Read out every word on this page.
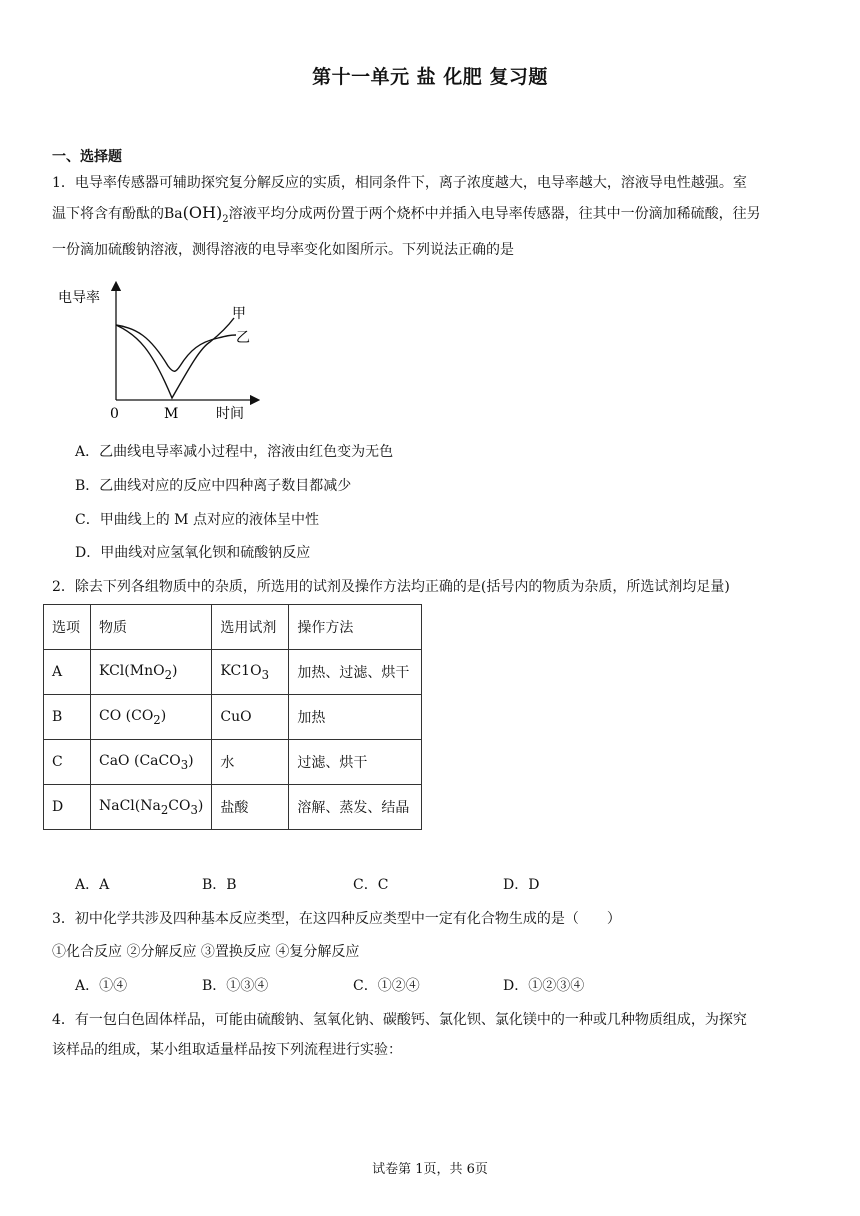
第十一单元 盐 化肥 复习题
一、选择题
1．电导率传感器可辅助探究复分解反应的实质，相同条件下，离子浓度越大，电导率越大，溶液导电性越强。室
温下将含有酚酞的$Ba(OH)_2$溶液平均分成两份置于两个烧杯中并插入电导率传感器，往其中一份滴加稀硫酸，往另
一份滴加硫酸钠溶液，测得溶液的电导率变化如图所示。下列说法正确的是
电导率
时间
0	M
甲
乙
A．乙曲线电导率减小过程中，溶液由红色变为无色
B．乙曲线对应的反应中四种离子数目都减少
C．甲曲线上的 M 点对应的液体呈中性
D．甲曲线对应氢氧化钡和硫酸钠反应
2．除去下列各组物质中的杂质，所选用的试剂及操作方法均正确的是(括号内的物质为杂质，所选试剂均足量)
选项	物质	选用试剂	操作方法
A	KCl(MnO$_2$)	$KC1O_3$	加热、过滤、烘干
B	CO $(CO_2)$	CuO	加热
C	CaO (CaCO$_3$)	水	过滤、烘干
D	$NaCl(Na_2CO_3)$	盐酸	溶解、蒸发、结晶
A．A	B．B	C．C	D．D
3．初中化学共涉及四种基本反应类型，在这四种反应类型中一定有化合物生成的是（　　）
①化合反应 ②分解反应 ③置换反应 ④复分解反应
A．①④	B．①③④	C．①②④	D．①②③④
4．有一包白色固体样品，可能由硫酸钠、氢氧化钠、碳酸钙、氯化钡、氯化镁中的一种或几种物质组成，为探究
该样品的组成，某小组取适量样品按下列流程进行实验：
试卷第 1页，共 6页
